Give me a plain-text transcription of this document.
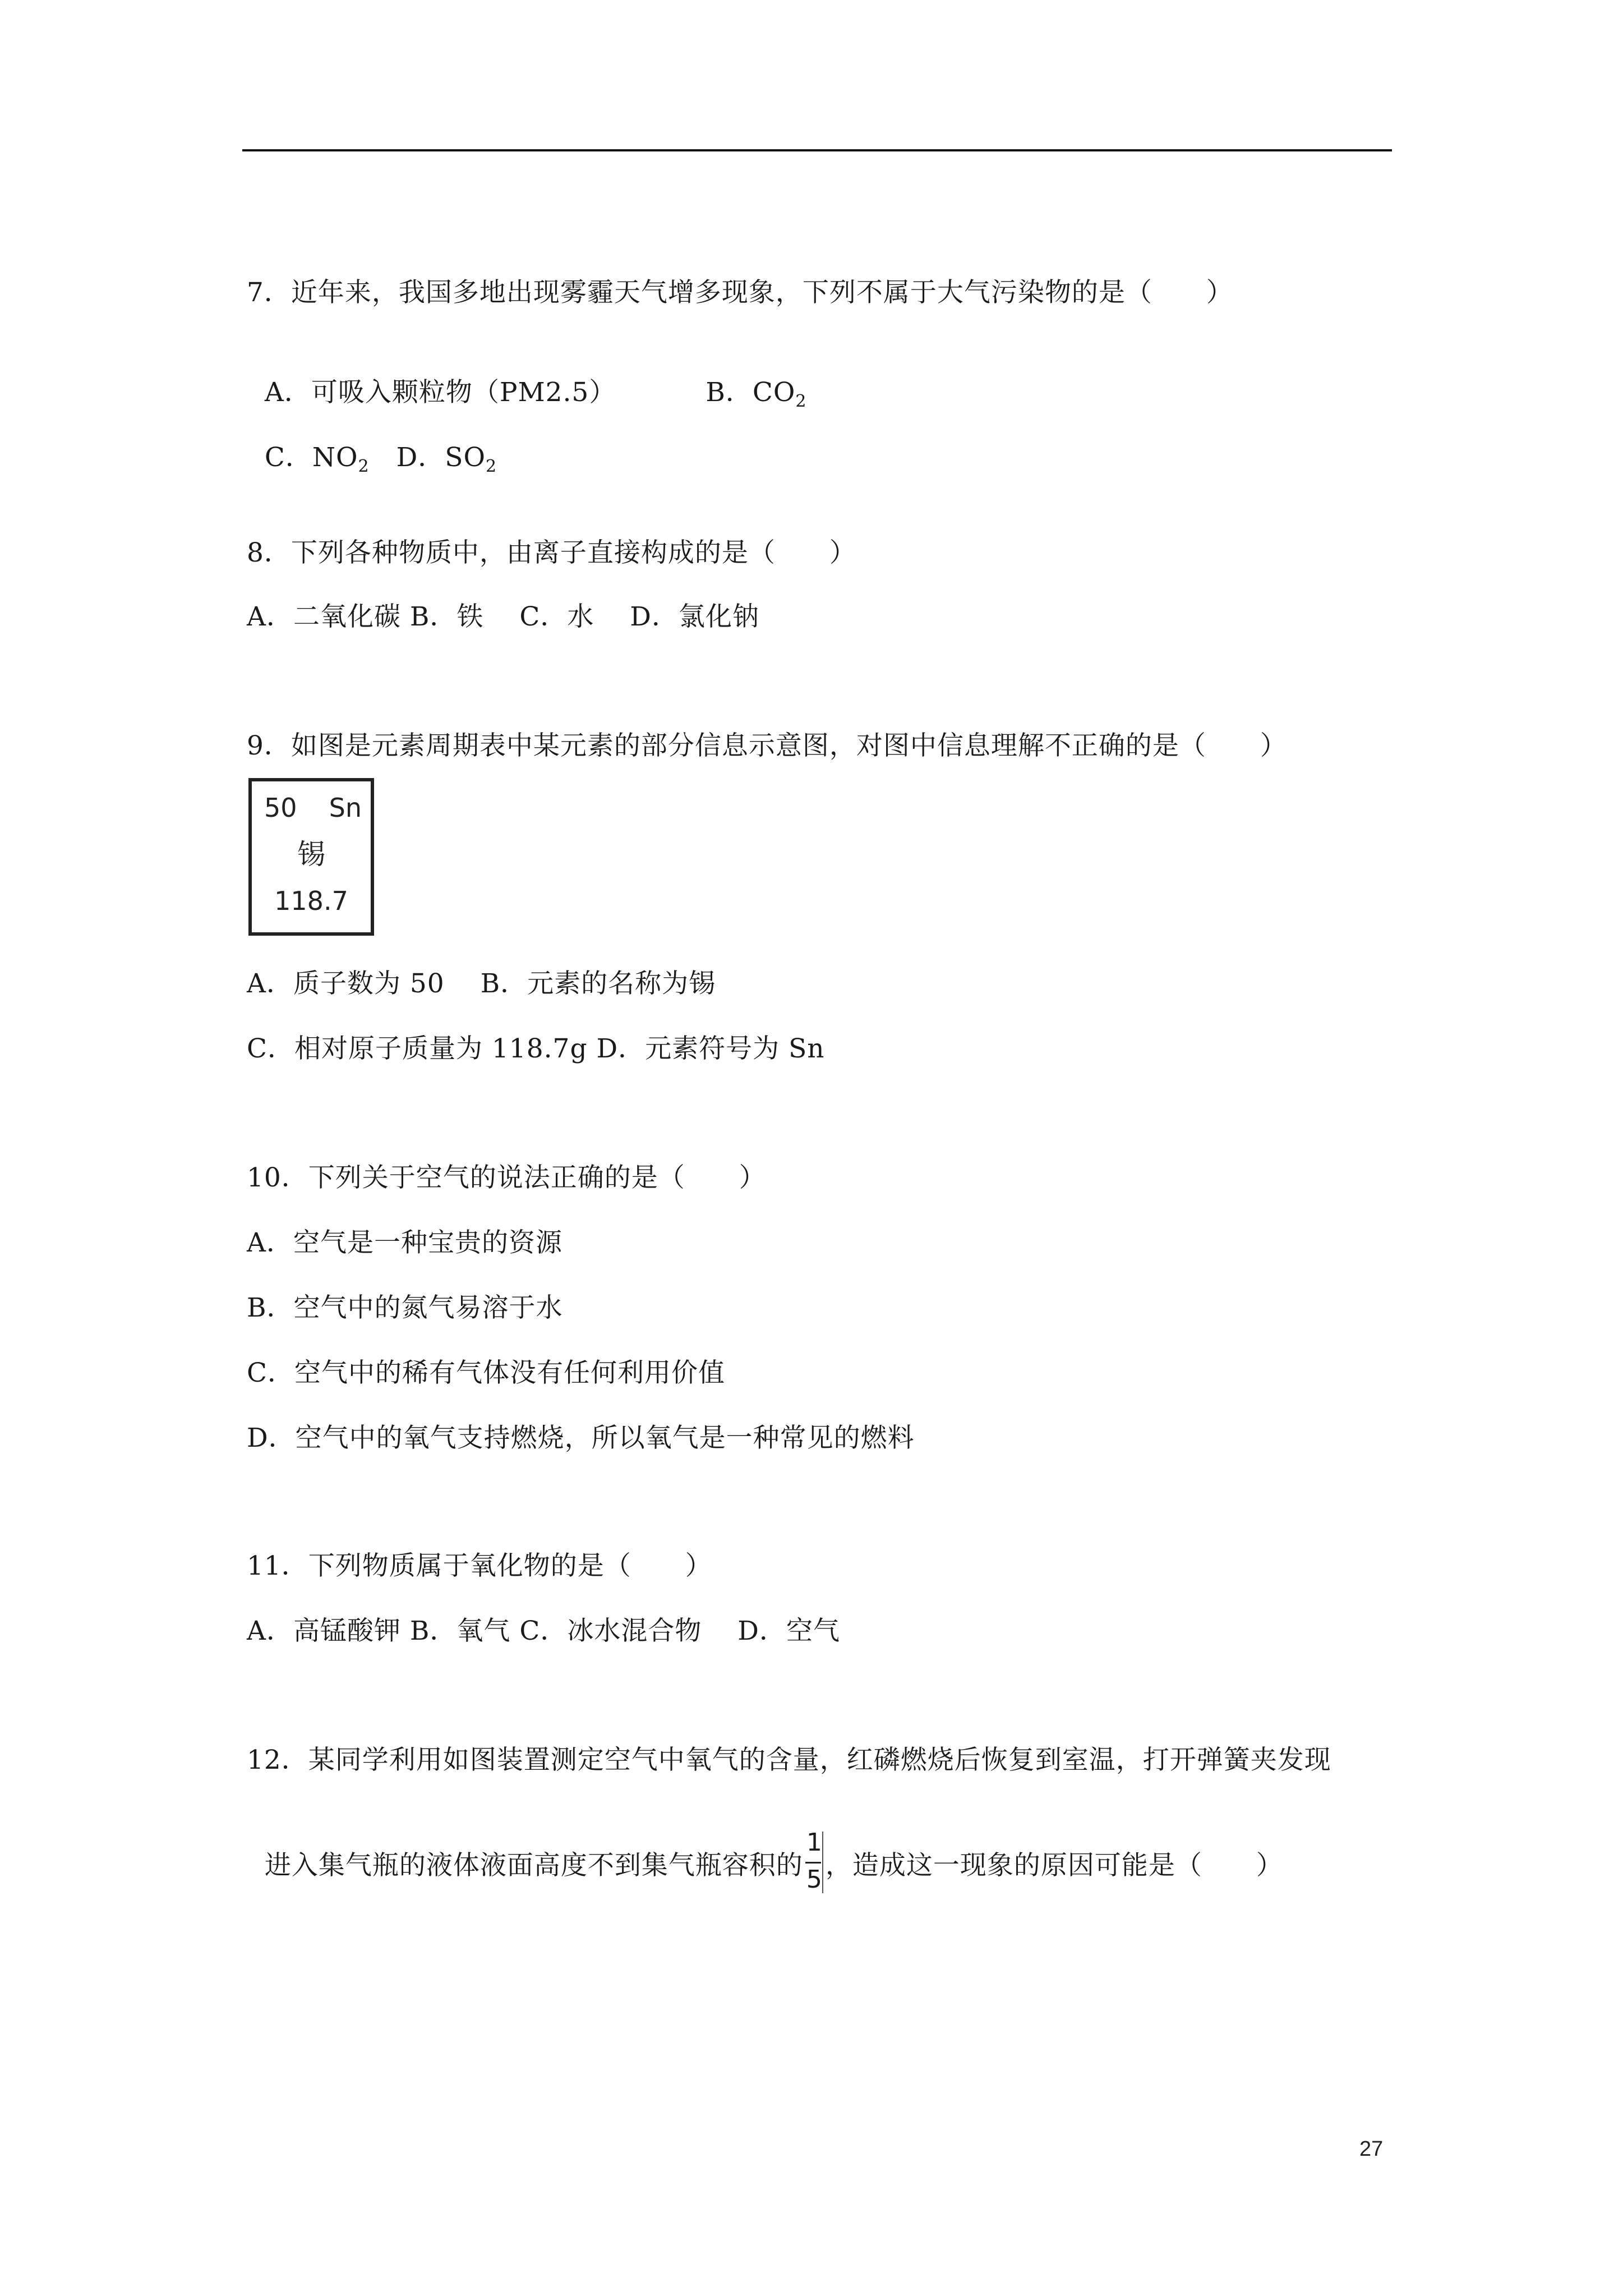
7．近年来，我国多地出现雾霾天气增多现象，下列不属于大气污染物的是（　　）

A．可吸入颗粒物（PM2.5）	B．$CO_2$

C．$NO_2$ D．$SO_2$

8．下列各种物质中，由离子直接构成的是（　　）
A．二氧化碳 B．铁　 C．水　 D．氯化钠
9．如图是元素周期表中某元素的部分信息示意图，对图中信息理解不正确的是（　　）
50 Sn
锡
118.7
A．质子数为 50　 B．元素的名称为锡
C．相对原子质量为 118.7g D．元素符号为 Sn
10．下列关于空气的说法正确的是（　　）
A．空气是一种宝贵的资源
B．空气中的氮气易溶于水
C．空气中的稀有气体没有任何利用价值
D．空气中的氧气支持燃烧，所以氧气是一种常见的燃料
11．下列物质属于氧化物的是（　　）
A．高锰酸钾 B．氧气 C．冰水混合物　 D．空气
12．某同学利用如图装置测定空气中氧气的含量，红磷燃烧后恢复到室温，打开弹簧夹发现

进入集气瓶的液体液面高度不到集气瓶容积的 $\frac{1}{5}$ ，造成这一现象的原因可能是（　　）

27
